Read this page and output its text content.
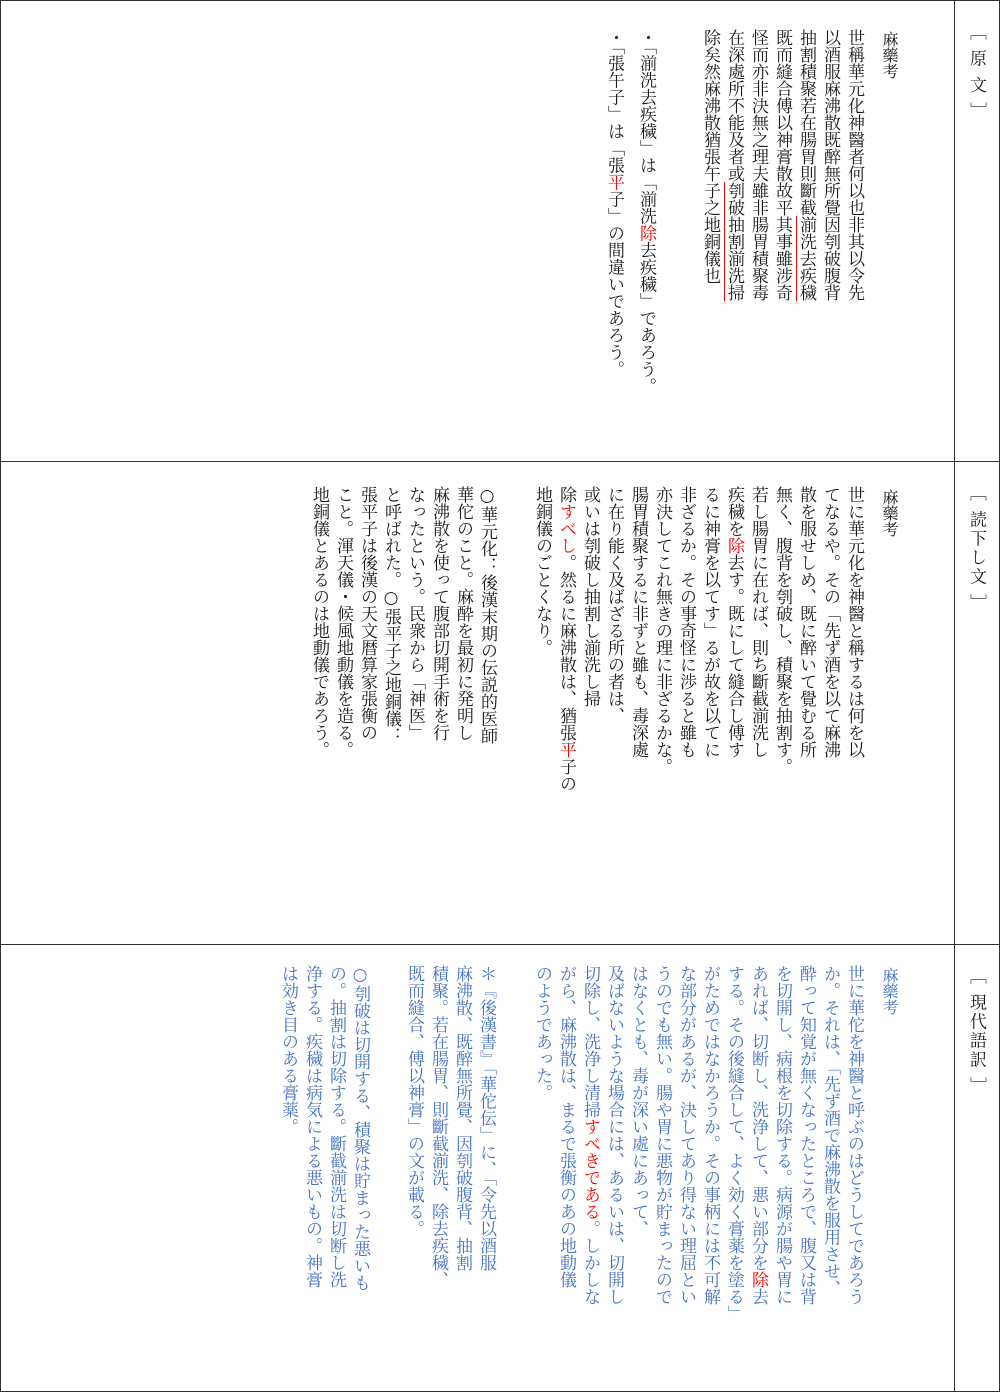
［ 原 文 ］
麻藥考
世稱華元化神醫者何以也非其以令先
以酒服麻沸散既醉無所覺因刳破腹背
抽割積聚若在腸胃則斷截湔洗去疾穢
既而縫合傅以神膏散故平其事雖涉奇
怪而亦非決無之理夫雖非腸胃積聚毒
在深處所不能及者或刳破抽割湔洗掃
除矣然麻沸散猶張午子之地銅儀也
・「湔洗去疾穢」は「湔洗除去疾穢」であろう。
・「張午子」は「張平子」の間違いであろう。
［ 読下し文 ］
麻藥考
世に華元化を神醫と稱するは何を以
てなるや。その「先ず酒を以て麻沸
散を服せしめ、既に醉いて覺むる所
無く、腹背を刳破し、積聚を抽割す。
若し腸胃に在れば、則ち斷截湔洗し
疾穢を除去す。既にして縫合し傅す
るに神膏を以てす」るが故を以てに
非ざるか。その事奇怪に渉ると雖も
亦決してこれ無きの理に非ざるかな。
腸胃積聚するに非ずと雖も、毒深處
に在り能く及ばざる所の者は、
或いは刳破し抽割し湔洗し掃
除すべし。然るに麻沸散は、猶張平子の
地銅儀のごとくなり。
○華元化：後漢末期の伝説的医師
華佗のこと。麻酔を最初に発明し
麻沸散を使って腹部切開手術を行
なったという。民衆から「神医」
と呼ばれた。○張平子之地銅儀：
張平子は後漢の天文暦算家張衡の
こと。渾天儀・候風地動儀を造る。
地銅儀とあるのは地動儀であろう。
［ 現代語訳 ］
麻藥考
世に華佗を神醫と呼ぶのはどうしてであろう
か。それは、「先ず酒で麻沸散を服用させ、
酔って知覚が無くなったところで、腹又は背
を切開し、病根を切除する。病源が腸や胃に
あれば、切断し、洗浄して、悪い部分を除去
する。その後縫合して、よく効く膏薬を塗る」
がためではなかろうか。その事柄には不可解
な部分があるが、決してあり得ない理屈とい
うのでも無い。腸や胃に悪物が貯まったので
はなくとも、毒が深い處にあって、
及ばないような場合には、あるいは、切開し
切除し、洗浄し清掃すべきである。しかしな
がら、麻沸散は、まるで張衡のあの地動儀
のようであった。
＊『後漢書』「華佗伝」に、「令先以酒服
麻沸散、既醉無所覺、因刳破腹背、抽割
積聚。若在腸胃、則斷截湔洗、除去疾穢、
既而縫合、傅以神膏」の文が載る。
○刳破は切開する、積聚は貯まった悪いも
の。抽割は切除する。斷截湔洗は切断し洗
浄する。疾穢は病気による悪いもの。神膏
は効き目のある膏薬。
